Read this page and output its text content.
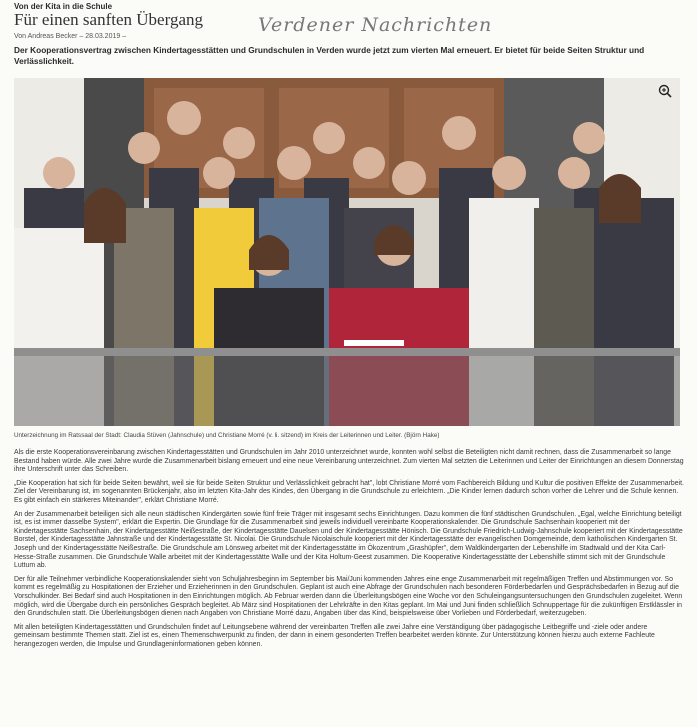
Von der Kita in die Schule
Für einen sanften Übergang	Verdener Nachrichten
Von Andreas Becker – 28.03.2019 –
Der Kooperationsvertrag zwischen Kindertagesstätten und Grundschulen in Verden wurde jetzt zum vierten Mal erneuert. Er bietet für beide Seiten Struktur und Verlässlichkeit.
Unterzeichnung im Ratssaal der Stadt: Claudia Stüven (Jahnschule) und Christiane Morré (v. li. sitzend) im Kreis der Leiterinnen und Leiter. (Björn Hake)

Als die erste Kooperationsvereinbarung zwischen Kindertagesstätten und Grundschulen im Jahr 2010 unterzeichnet wurde, konnten wohl selbst die Beteiligten nicht damit rechnen, dass die Zusammenarbeit so lange Bestand haben würde. Alle zwei Jahre wurde die Zusammenarbeit bislang erneuert und eine neue Vereinbarung unterzeichnet. Zum vierten Mal setzten die Leiterinnen und Leiter der Einrichtungen an diesem Donnerstag ihre Unterschrift unter das Schreiben.

„Die Kooperation hat sich für beide Seiten bewährt, weil sie für beide Seiten Struktur und Verlässlichkeit gebracht hat", lobt Christiane Morré vom Fachbereich Bildung und Kultur die positiven Effekte der Zusammenarbeit. Ziel der Vereinbarung ist, im sogenannten Brückenjahr, also im letzten Kita-Jahr des Kindes, den Übergang in die Grundschule zu erleichtern. „Die Kinder lernen dadurch schon vorher die Lehrer und die Schule kennen. Es gibt einfach ein stärkeres Miteinander", erklärt Christiane Morré.

An der Zusammenarbeit beteiligen sich alle neun städtischen Kindergärten sowie fünf freie Träger mit insgesamt sechs Einrichtungen. Dazu kommen die fünf städtischen Grundschulen. „Egal, welche Einrichtung beteiligt ist, es ist immer dasselbe System", erklärt die Expertin. Die Grundlage für die Zusammenarbeit sind jeweils individuell vereinbarte Kooperationskalender. Die Grundschule Sachsenhain kooperiert mit der Kindertagesstätte Sachsenhain, der Kindertagesstätte Neißestraße, der Kindertagesstätte Dauelsen und der Kindertagesstätte Hönisch. Die Grundschule Friedrich-Ludwig-Jahnschule kooperiert mit der Kindertagesstätte Borstel, der Kindertagesstätte Jahnstraße und der Kindertagesstätte St. Nicolai. Die Grundschule Nicolaischule kooperiert mit der Kindertagesstätte der evangelischen Domgemeinde, dem katholischen Kindergarten St. Joseph und der Kindertagesstätte Neißestraße. Die Grundschule am Lönsweg arbeitet mit der Kindertagesstätte im Ökozentrum „Grashüpfer", dem Waldkindergarten der Lebenshilfe im Stadtwald und der Kita Carl-Hesse-Straße zusammen. Die Grundschule Walle arbeitet mit der Kindertagesstätte Walle und der Kita Holtum-Geest zusammen. Die Kooperative Kindertagesstätte der Lebenshilfe stimmt sich mit der Grundschule Luttum ab.

Der für alle Teilnehmer verbindliche Kooperationskalender sieht von Schuljahresbeginn im September bis Mai/Juni kommenden Jahres eine enge Zusammenarbeit mit regelmäßigen Treffen und Abstimmungen vor. So kommt es regelmäßig zu Hospitationen der Erzieher und Erzieherinnen in den Grundschulen. Geplant ist auch eine Abfrage der Grundschulen nach besonderen Förderbedarfen und Gesprächsbedarfen in Bezug auf die Vorschulkinder. Bei Bedarf sind auch Hospitationen in den Einrichtungen möglich. Ab Februar werden dann die Überleitungsbögen eine Woche vor den Schuleingangsuntersuchungen den Grundschulen zugeleitet. Wenn möglich, wird die Übergabe durch ein persönliches Gespräch begleitet. Ab März sind Hospitationen der Lehrkräfte in den Kitas geplant. Im Mai und Juni finden schließlich Schnuppertage für die zukünftigen Erstklässler in den Grundschulen statt. Die Überleitungsbögen dienen nach Angaben von Christiane Morré dazu, Angaben über das Kind, beispielsweise über Vorlieben und Förderbedarf, weiterzugeben.

Mit allen beteiligten Kindertagesstätten und Grundschulen findet auf Leitungsebene während der vereinbarten Treffen alle zwei Jahre eine Verständigung über pädagogische Leitbegriffe und -ziele oder andere gemeinsam bestimmte Themen statt. Ziel ist es, einen Themenschwerpunkt zu finden, der dann in einem gesonderten Treffen bearbeitet werden könnte. Zur Unterstützung können hierzu auch externe Fachleute herangezogen werden, die Impulse und Grundlageninformationen geben können.
